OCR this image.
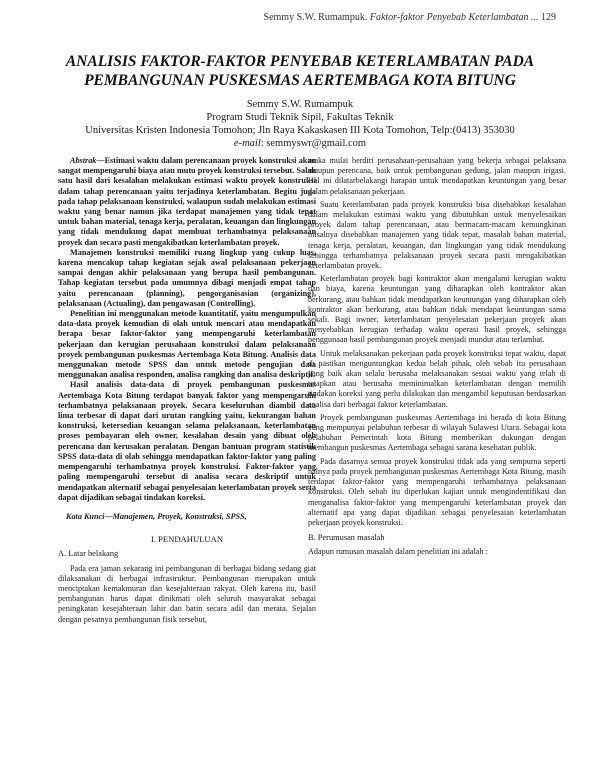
Semmy S.W. Rumampuk. Faktor-faktor Penyebab Keterlambatan ... 129
ANALISIS FAKTOR-FAKTOR PENYEBAB KETERLAMBATAN PADA PEMBANGUNAN PUSKESMAS AERTEMBAGA KOTA BITUNG
Semmy S.W. Rumampuk
Program Studi Teknik Sipil, Fakultas Teknik
Universitas Kristen Indonesia Tomohon; Jln Raya Kakaskasen III Kota Tomohon, Telp:(0413) 353030
e-mail: semmyswr@gmail.com

Abstrak—Estimasi waktu dalam perencanaan proyek konstruksi akan sangat mempengaruhi biaya atau mutu proyek konstruksi tersebut. Salah satu hasil dari kesalahan melakukan estimasi waktu proyek konstruksi dalam tahap perencanaan yaitu terjadinya keterlambatan. Begitu juga pada tahap pelaksanaan konstruksi, walaupun sudah melakukan estimasi waktu yang benar namun jika terdapat manajemen yang tidak tepat untuk bahan material, tenaga kerja, peralatan, keuangan dan lingkungan yang tidak mendukung dapat membuat terhambatnya pelaksanaan proyek dan secara pasti mengakibatkan keterlambatan proyek.

Manajemen konstruksi memiliki ruang lingkup yang cukup luas, karena mencakup tahap kegiatan sejak awal pelaksanaan pekerjaan sampai dengan akhir pelaksanaan yang berupa hasil pembangunan. Tahap kegiatan tersebut pada umumnya dibagi menjadi empat tahap yaitu perencanaan (planning), pengorganisasian (organizing), pelaksanaan (Actualing), dan pengawasan (Controlling).

Penelitian ini menggunakan metode kuantitatif, yaitu mengumpulkan data-data proyek kemudian di olah untuk mencari atau mendapatkan berapa besar faktor-faktor yang mempengaruhi keterlambatan pekerjaan dan kerugian perusahaan konstruksi dalam pelaksanaan proyek pembangunan puskesmas Aertembaga Kota Bitung. Analisis data menggunakan metode SPSS dan untuk metode pengujian data menggunakan analisa responden, analisa rangking dan analisa deskriptif.

Hasil analisis data-data di proyek pembangunan puskesmas Aertembaga Kota Bitung terdapat banyak faktor yang mempengaruhi terhambatnya pelaksanaan proyek. Secara keseluruhan diambil data lima terbesar di dapat dari urutan rangking yaitu, kekurangan bahan konstruksi, ketersedian keuangan selama pelaksanaan, keterlambatan proses pembayaran oleh owner, kesalahan desain yang dibuat oleh perencana dan kerusakan peralatan. Dengan bantuan program statistik SPSS data-data di olah sehingga mendapatkan faktor-faktor yang paling mempengaruhi terhambatnya proyek konstruksi. Faktor-faktor yang paling mempengaruhi tersebut di analisa secara deskriptif untuk mendapatkan alternatif sebagai penyelesaian keterlambatan proyek serta dapat dijadikan sebagai tindakan koreksi.

Kata Kunci—Manajemen, Proyek, Konstruksi, SPSS,

I. PENDAHULUAN
A. Latar belakang

Pada era jaman sekarang ini pembangunan di berbagai bidang sedang giat dilaksanakan di berbagai infrastruktur. Pembangunan merupakan untuk menciptakan kemakmuran dan kesejahteraan rakyat. Oleh karena itu, hasil pembangunan harus dapat dinikmati oleh seluruh masyarakat sebagai peningkatan kesejahteraan lahir dan batin secara adil dan merata. Sejalan dengan pesatnya pembangunan fisik tersebut,

maka mulai berdiri perusahaan-perusahaan yang bekerja sebagai pelaksana maupun perencana, baik untuk pembangunan gedung, jalan maupun irigasi. Hal ini dilatarbelakangi harapan untuk mendapatkan keuntungan yang besar dalam pelaksanaan pekerjaan.

Suatu keterlambatan pada proyek konstruksi bisa disebabkan kesalahan dalam melakukan estimasi waktu yang dibutuhkan untuk menyelesaikan proyek dalam tahap perencanaan, atau bermacam-macam kemungkinan misalnya disebabkan manajemen yang tidak tepat, masalah bahan material, tenaga kerja, peralatan, keuangan, dan lingkungan yang tidak mendukung sehingga terhambatnya pelaksanaan proyek secara pasti mengakibatkan keterlambatan proyek.

Keterlambatan proyek bagi kontraktor akan mengalami kerugian waktu dan biaya, karena keuntungan yang diharapkan oleh kontraktor akan berkurang, atau bahkan tidak mendapatkan keuntungan yang diharapkan oleh kontraktor akan berkurang, atau bahkan tidak mendapat keuntungan sama sekali. Bagi owner, keterlambatan penyelesaian pekerjaan proyek akan menyebabkan kerugian terhadap waktu operasi hasil proyek, sehingga penggunaan hasil pembangunan proyek menjadi mundur atau terlambat.

Untuk melaksanakan pekerjaan pada proyek konstruksi tepat waktu, dapat di pastikan menguntungkan kedua belah pihak, oleh sebab itu perusahaan yang baik akan selalu berusaha melaksanakan sesuai waktu yang telah di tetapkan atau berusaha meminimalkan keterlambatan dengan memilih tindakan koreksi yang perlu dilakukan dan mengambil keputusan berdasarkan analisa dari berbagai faktor keterlambatan.

Proyek pembangunan puskesmas Aertembaga ini berada di kota Bitung yang mempunyai pelabuhan terbesar di wilayah Sulawesi Utara. Sebagai kota pelabuhan Pemerintah kota Bitung memberikan dukungan dengan membangun puskesmas Aertembaga sebagai sarana kesehatan publik.

Pada dasarnya semua proyek konstruksi tidak ada yang sempurna seperti halnya pada proyek pembangunan puskesmas Aertembaga Kota Bitung, masih terdapat faktor-faktor yang mempengaruhi terhambatnya pelaksanaan konstruksi. Oleh sebab itu diperlukan kajian untuk mengindentifikasi dan menganalisa faktor-faktor yang mempengaruhi keterlambatan proyek dan alternatif apa yang dapat dijadikan sebagai penyelesaian keterlambatan pekerjaan proyek konstruksi.

B. Perumusan masalah

Adapun rumusan masalah dalam penelitian ini adalah :
